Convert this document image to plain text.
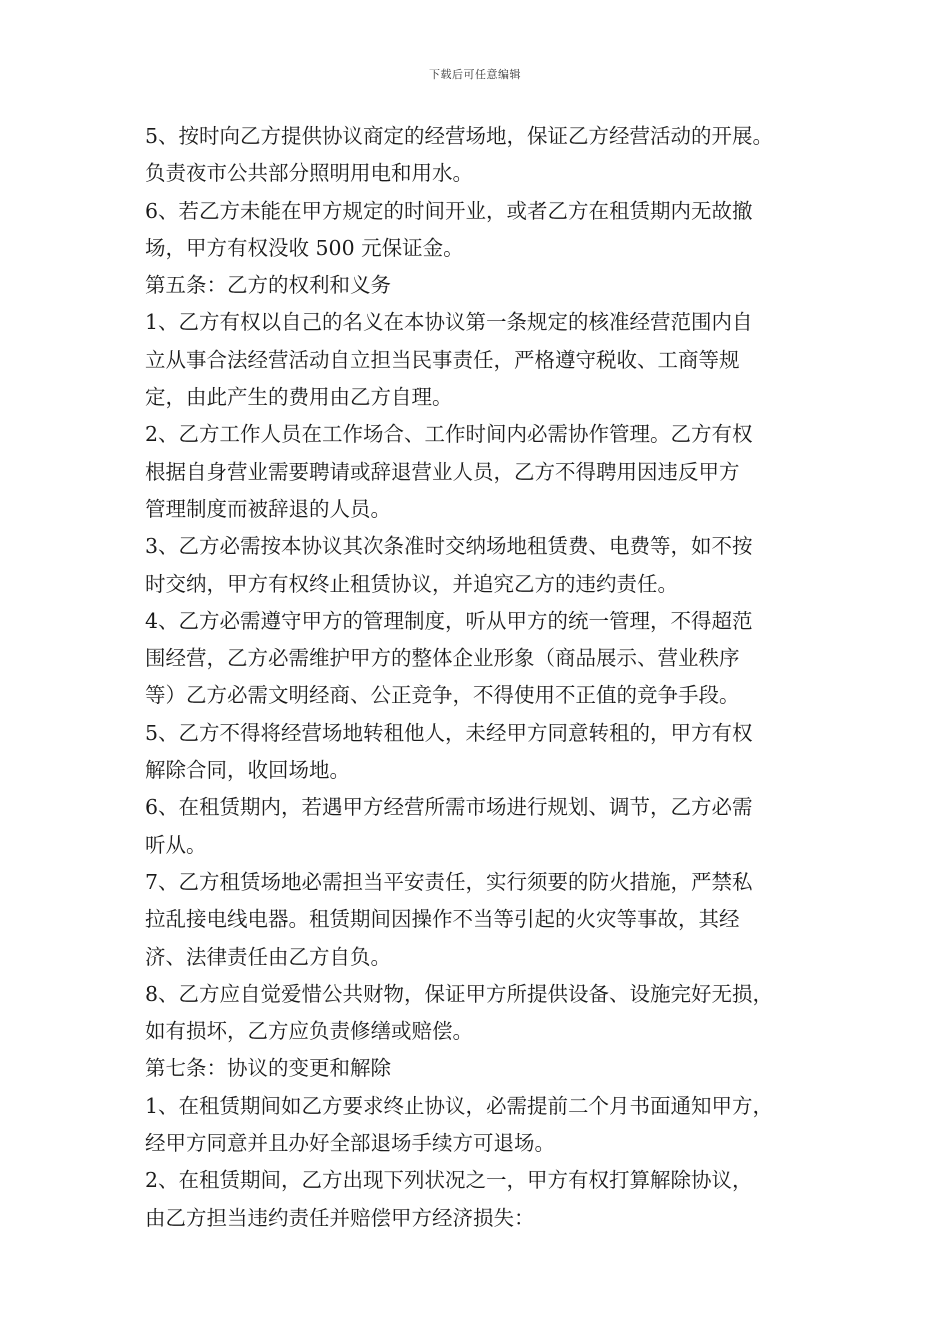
下载后可任意编辑
5、按时向乙方提供协议商定的经营场地，保证乙方经营活动的开展。
负责夜市公共部分照明用电和用水。
6、若乙方未能在甲方规定的时间开业，或者乙方在租赁期内无故撤
场，甲方有权没收 500 元保证金。
第五条：乙方的权利和义务
1、乙方有权以自己的名义在本协议第一条规定的核准经营范围内自
立从事合法经营活动自立担当民事责任，严格遵守税收、工商等规
定，由此产生的费用由乙方自理。
2、乙方工作人员在工作场合、工作时间内必需协作管理。乙方有权
根据自身营业需要聘请或辞退营业人员，乙方不得聘用因违反甲方
管理制度而被辞退的人员。
3、乙方必需按本协议其次条准时交纳场地租赁费、电费等，如不按
时交纳，甲方有权终止租赁协议，并追究乙方的违约责任。
4、乙方必需遵守甲方的管理制度，听从甲方的统一管理，不得超范
围经营，乙方必需维护甲方的整体企业形象（商品展示、营业秩序
等）乙方必需文明经商、公正竞争，不得使用不正值的竞争手段。
5、乙方不得将经营场地转租他人，未经甲方同意转租的，甲方有权
解除合同，收回场地。
6、在租赁期内，若遇甲方经营所需市场进行规划、调节，乙方必需
听从。
7、乙方租赁场地必需担当平安责任，实行须要的防火措施，严禁私
拉乱接电线电器。租赁期间因操作不当等引起的火灾等事故，其经
济、法律责任由乙方自负。
8、乙方应自觉爱惜公共财物，保证甲方所提供设备、设施完好无损，
如有损坏，乙方应负责修缮或赔偿。
第七条：协议的变更和解除
1、在租赁期间如乙方要求终止协议，必需提前二个月书面通知甲方，
经甲方同意并且办好全部退场手续方可退场。
2、在租赁期间，乙方出现下列状况之一，甲方有权打算解除协议，
由乙方担当违约责任并赔偿甲方经济损失：
